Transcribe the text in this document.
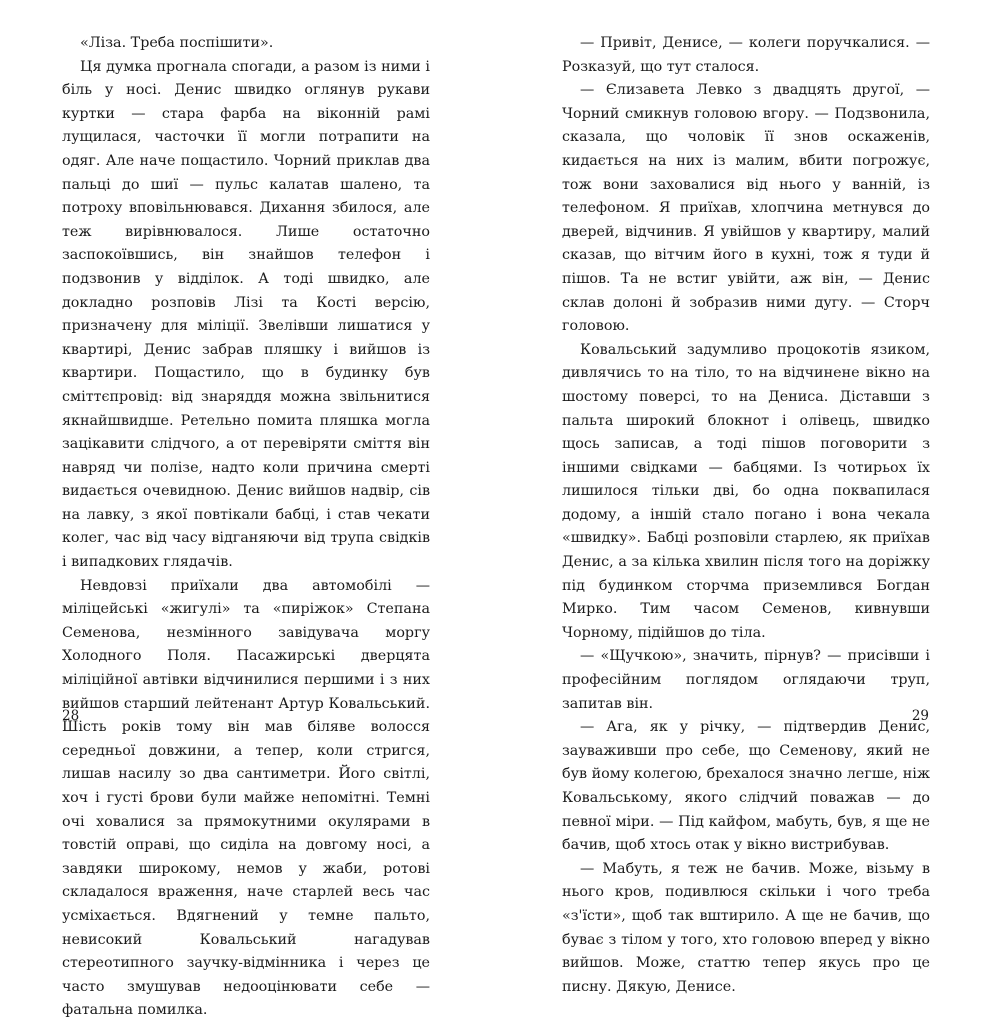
«Ліза. Треба поспішити».

Ця думка прогнала спогади, а разом із ними і біль у носі. Денис швидко оглянув рукави куртки — стара фарба на віконній рамі лущилася, часточки її могли потрапити на одяг. Але наче пощастило. Чорний приклав два пальці до шиї — пульс калатав шалено, та потроху вповільнювався. Дихання збилося, але теж вирівнювалося. Лише остаточно заспокоївшись, він знайшов телефон і подзвонив у відділок. А тоді швидко, але докладно розповів Лізі та Кості версію, призначену для міліції. Звелівши лишатися у квартирі, Денис забрав пляшку і вийшов із квартири. Пощастило, що в будинку був сміттєпровід: від знаряддя можна звільнитися якнайшвидше. Ретельно помита пляшка могла зацікавити слідчого, а от перевіряти сміття він навряд чи полізе, надто коли причина смерті видається очевидною. Денис вийшов надвір, сів на лавку, з якої повтікали бабці, і став чекати колег, час від часу відганяючи від трупа свідків і випадкових глядачів.

Невдовзі приїхали два автомобілі — міліцейські «жигулі» та «пиріжок» Степана Семенова, незмінного завідувача моргу Холодного Поля. Пасажирські дверцята міліційної автівки відчинилися першими і з них вийшов старший лейтенант Артур Ковальський. Шість років тому він мав біляве волосся середньої довжини, а тепер, коли стригся, лишав насилу зо два сантиметри. Його світлі, хоч і густі брови були майже непомітні. Темні очі ховалися за прямокутними окулярами в товстій оправі, що сиділа на довгому носі, а завдяки широкому, немов у жаби, ротові складалося враження, наче старлей весь час усміхається. Вдягнений у темне пальто, невисокий Ковальський нагадував стереотипного заучку-відмінника і через це часто змушував недооцінювати себе — фатальна помилка.

— Привіт, Денисе, — колеги поручкалися. — Розказуй, що тут сталося.

— Єлизавета Левко з двадцять другої, — Чорний смикнув головою вгору. — Подзвонила, сказала, що чоловік її знов оскаженів, кидається на них із малим, вбити погрожує, тож вони заховалися від нього у ванній, із телефоном. Я приїхав, хлопчина метнувся до дверей, відчинив. Я увійшов у квартиру, малий сказав, що вітчим його в кухні, тож я туди й пішов. Та не встиг увійти, аж він, — Денис склав долоні й зобразив ними дугу. — Сторч головою.

Ковальський задумливо процокотів язиком, дивлячись то на тіло, то на відчинене вікно на шостому поверсі, то на Дениса. Діставши з пальта широкий блокнот і олівець, швидко щось записав, а тоді пішов поговорити з іншими свідками — бабцями. Із чотирьох їх лишилося тільки дві, бо одна поквапилася додому, а іншій стало погано і вона чекала «швидку». Бабці розповіли старлею, як приїхав Денис, а за кілька хвилин після того на доріжку під будинком сторчма приземлився Богдан Мирко. Тим часом Семенов, кивнувши Чорному, підійшов до тіла.

— «Щучкою», значить, пірнув? — присівши і професійним поглядом оглядаючи труп, запитав він.

— Ага, як у річку, — підтвердив Денис, зауваживши про себе, що Семенову, який не був йому колегою, брехалося значно легше, ніж Ковальському, якого слідчий поважав — до певної міри. — Під кайфом, мабуть, був, я ще не бачив, щоб хтось отак у вікно вистрибував.

— Мабуть, я теж не бачив. Може, візьму в нього кров, подивлюся скільки і чого треба «з'їсти», щоб так вштирило. А ще не бачив, що буває з тілом у того, хто головою вперед у вікно вийшов. Може, статтю тепер якусь про це писну. Дякую, Денисе.

28	29
